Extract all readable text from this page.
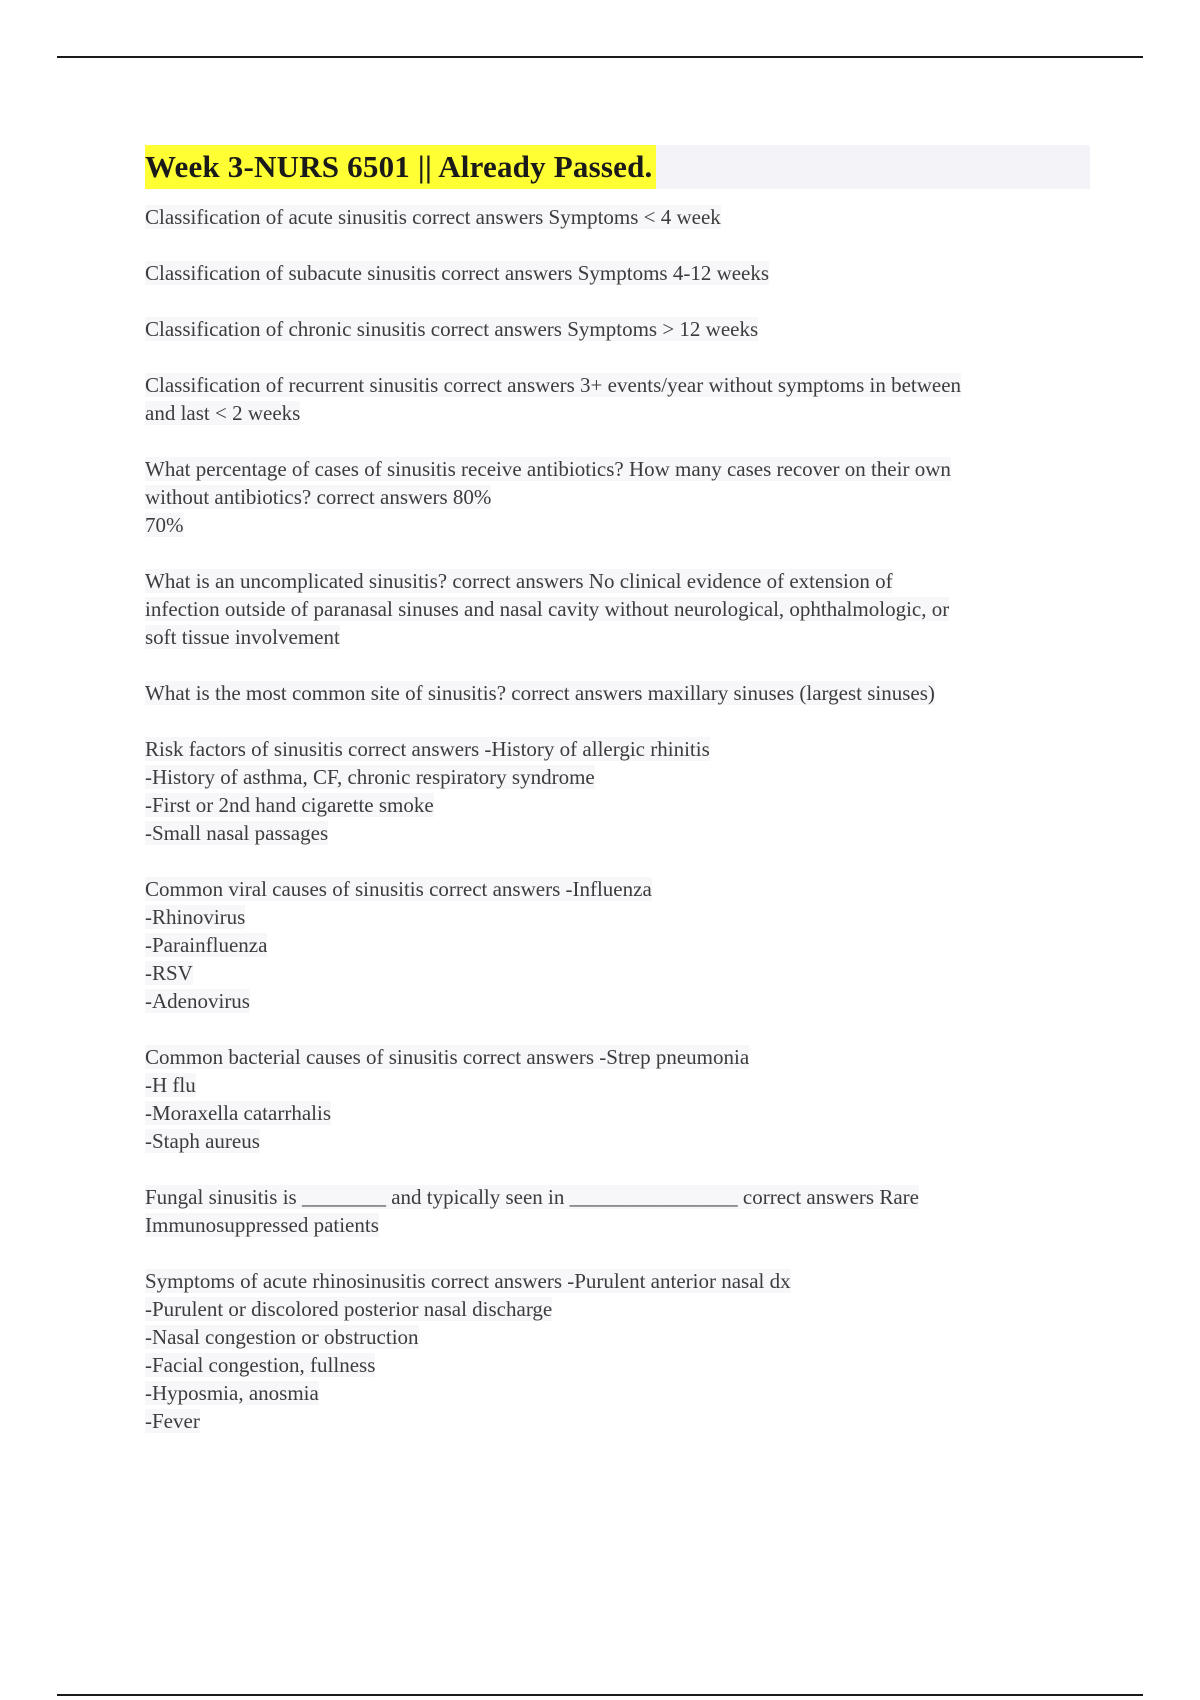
Week 3-NURS 6501 || Already Passed.
Classification of acute sinusitis correct answers Symptoms < 4 week
Classification of subacute sinusitis correct answers Symptoms 4-12 weeks
Classification of chronic sinusitis correct answers Symptoms > 12 weeks
Classification of recurrent sinusitis correct answers 3+ events/year without symptoms in between
and last < 2 weeks
What percentage of cases of sinusitis receive antibiotics? How many cases recover on their own
without antibiotics? correct answers 80%
70%
What is an uncomplicated sinusitis? correct answers No clinical evidence of extension of
infection outside of paranasal sinuses and nasal cavity without neurological, ophthalmologic, or
soft tissue involvement
What is the most common site of sinusitis? correct answers maxillary sinuses (largest sinuses)
Risk factors of sinusitis correct answers -History of allergic rhinitis
-History of asthma, CF, chronic respiratory syndrome
-First or 2nd hand cigarette smoke
-Small nasal passages
Common viral causes of sinusitis correct answers -Influenza
-Rhinovirus
-Parainfluenza
-RSV
-Adenovirus
Common bacterial causes of sinusitis correct answers -Strep pneumonia
-H flu
-Moraxella catarrhalis
-Staph aureus
Fungal sinusitis is ________ and typically seen in ________________ correct answers Rare
Immunosuppressed patients
Symptoms of acute rhinosinusitis correct answers -Purulent anterior nasal dx
-Purulent or discolored posterior nasal discharge
-Nasal congestion or obstruction
-Facial congestion, fullness
-Hyposmia, anosmia
-Fever
